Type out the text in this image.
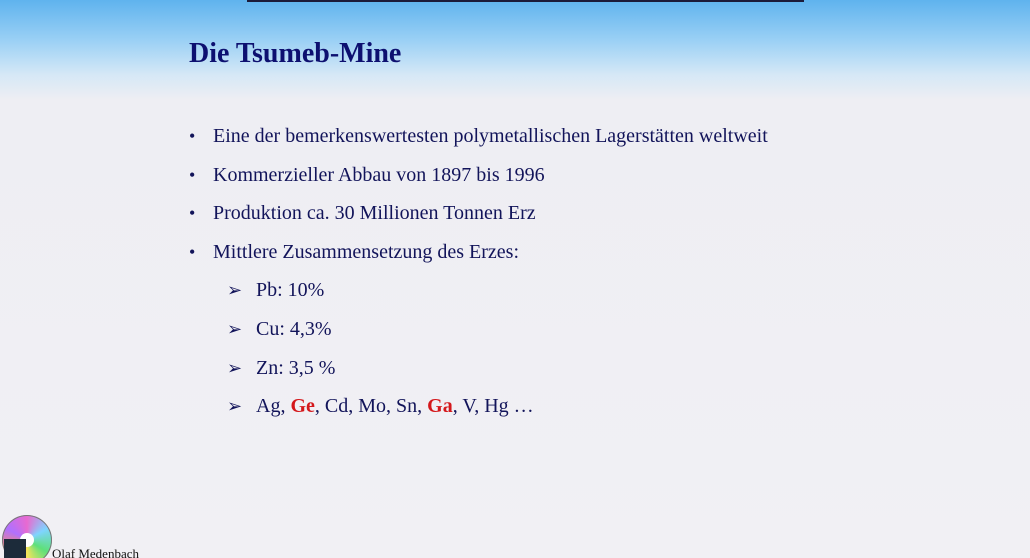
Die Tsumeb-Mine
• Eine der bemerkenswertesten polymetallischen Lagerstätten weltweit
• Kommerzieller Abbau von 1897 bis 1996
• Produktion ca. 30 Millionen Tonnen Erz
• Mittlere Zusammensetzung des Erzes:
➢ Pb: 10%
➢ Cu: 4,3%
➢ Zn: 3,5 %
➢ Ag, Ge, Cd, Mo, Sn, Ga, V, Hg …
Olaf Medenbach
